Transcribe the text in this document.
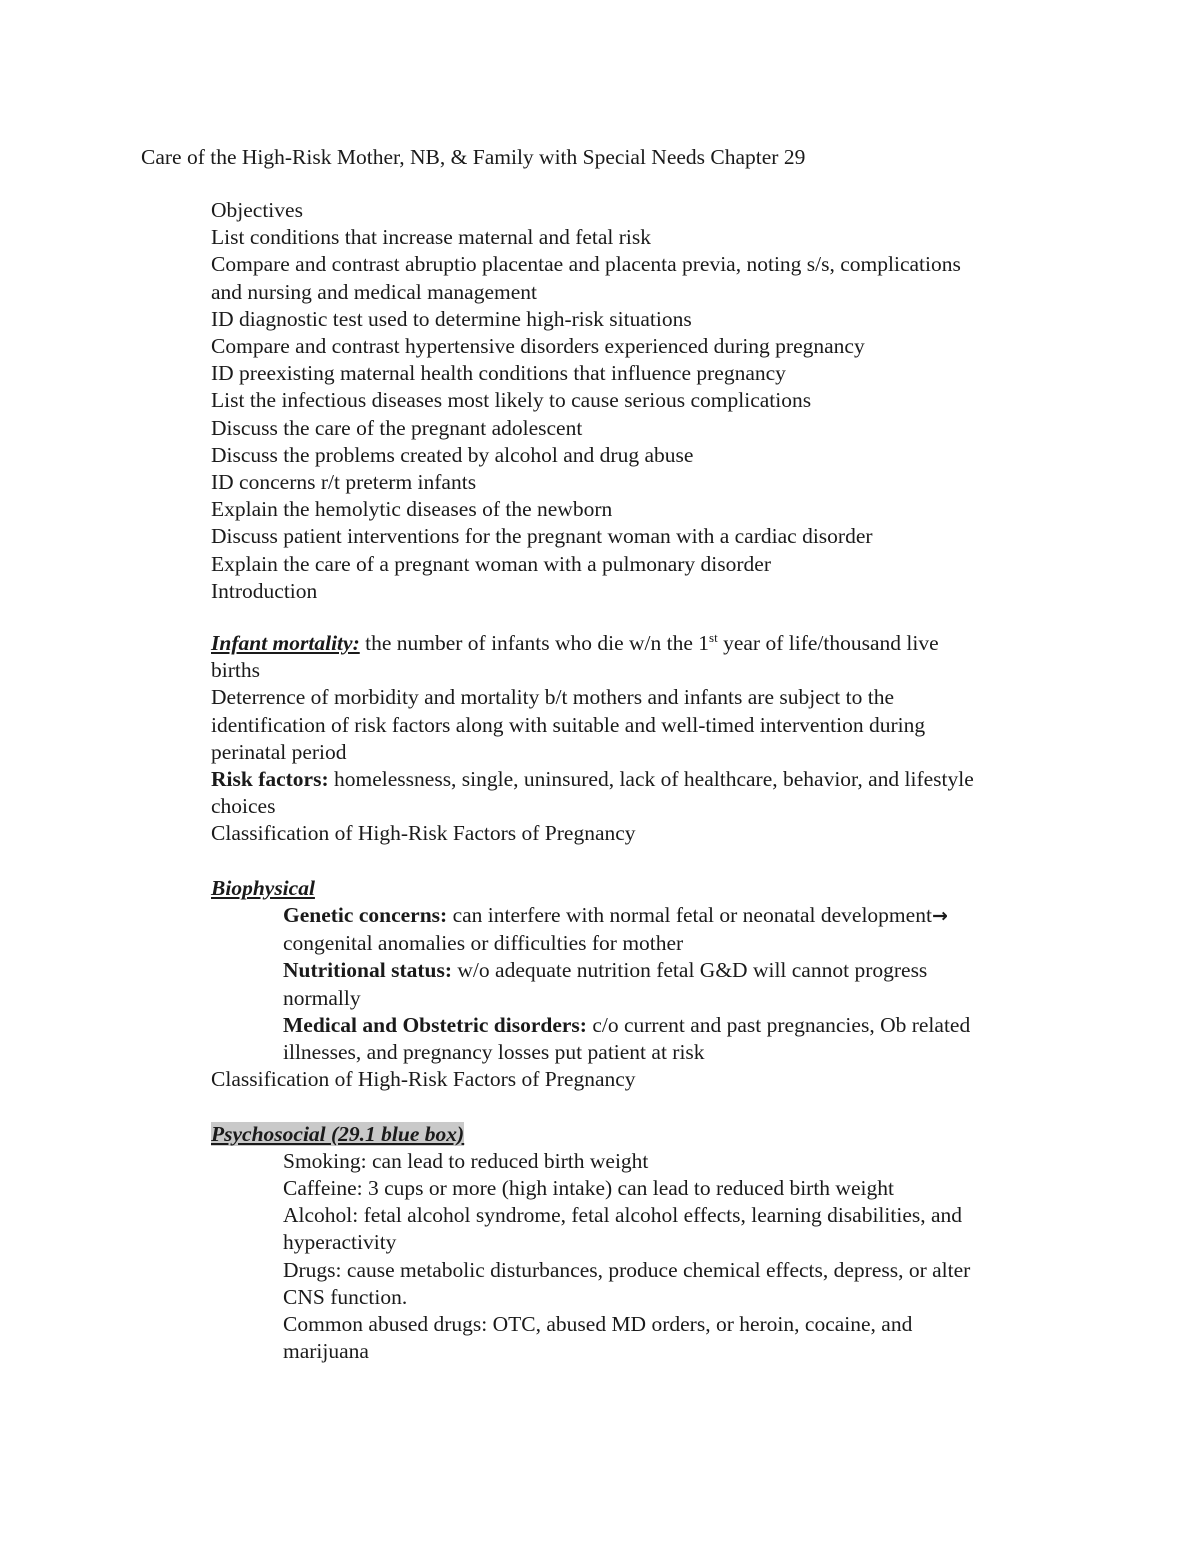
Care of the High-Risk Mother, NB, & Family with Special Needs Chapter 29
Objectives
List conditions that increase maternal and fetal risk
Compare and contrast abruptio placentae and placenta previa, noting s/s, complications
and nursing and medical management
ID diagnostic test used to determine high-risk situations
Compare and contrast hypertensive disorders experienced during pregnancy
ID preexisting maternal health conditions that influence pregnancy
List the infectious diseases most likely to cause serious complications
Discuss the care of the pregnant adolescent
Discuss the problems created by alcohol and drug abuse
ID concerns r/t preterm infants
Explain the hemolytic diseases of the newborn
Discuss patient interventions for the pregnant woman with a cardiac disorder
Explain the care of a pregnant woman with a pulmonary disorder
Introduction
Infant mortality: the number of infants who die w/n the 1st year of life/thousand live
births
Deterrence of morbidity and mortality b/t mothers and infants are subject to the
identification of risk factors along with suitable and well-timed intervention during
perinatal period
Risk factors: homelessness, single, uninsured, lack of healthcare, behavior, and lifestyle
choices
Classification of High-Risk Factors of Pregnancy
Biophysical
Genetic concerns: can interfere with normal fetal or neonatal development→
congenital anomalies or difficulties for mother
Nutritional status: w/o adequate nutrition fetal G&D will cannot progress
normally
Medical and Obstetric disorders: c/o current and past pregnancies, Ob related
illnesses, and pregnancy losses put patient at risk
Classification of High-Risk Factors of Pregnancy
Psychosocial (29.1 blue box)
Smoking: can lead to reduced birth weight
Caffeine: 3 cups or more (high intake) can lead to reduced birth weight
Alcohol: fetal alcohol syndrome, fetal alcohol effects, learning disabilities, and
hyperactivity
Drugs: cause metabolic disturbances, produce chemical effects, depress, or alter
CNS function.
Common abused drugs: OTC, abused MD orders, or heroin, cocaine, and
marijuana
